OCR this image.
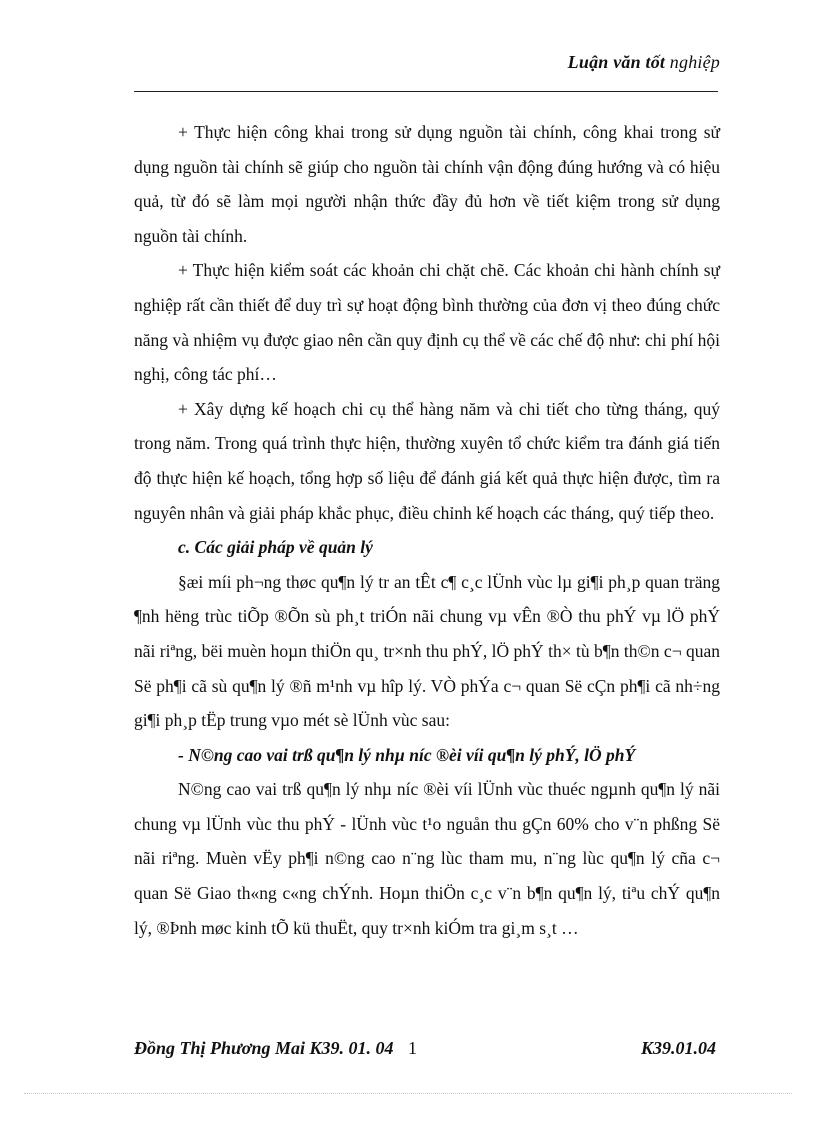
Luận văn tốt nghiệp

+ Thực hiện công khai trong sử dụng nguồn tài chính, công khai trong sử dụng nguồn tài chính sẽ giúp cho nguồn tài chính vận động đúng hướng và có hiệu quả, từ đó sẽ làm mọi người nhận thức đầy đủ hơn về tiết kiệm trong sử dụng nguồn tài chính.

+ Thực hiện kiểm soát các khoản chi chặt chẽ. Các khoản chi hành chính sự nghiệp rất cần thiết để duy trì sự hoạt động bình thường của đơn vị theo đúng chức năng và nhiệm vụ được giao nên cần quy định cụ thể về các chế độ như: chi phí hội nghị, công tác phí…

+ Xây dựng kế hoạch chi cụ thể hàng năm và chi tiết cho từng tháng, quý trong năm. Trong quá trình thực hiện, thường xuyên tổ chức kiểm tra đánh giá tiến độ thực hiện kế hoạch, tổng hợp số liệu để đánh giá kết quả thực hiện được, tìm ra nguyên nhân và giải pháp khắc phục, điều chỉnh kế hoạch các tháng, quý tiếp theo.

c. Các giải pháp về quản lý

§æi míi ph¬ng thøc qu¶n lý tr an tÊt c¶ c¸c lÜnh vùc lµ gi¶i ph¸p quan träng ¶nh hëng trùc tiÕp ®Õn sù ph¸t triÓn nãi chung vµ vÊn ®Ò thu phÝ vµ lÖ phÝ nãi riªng, bëi muèn hoµn thiÖn qu¸ tr×nh thu phÝ, lÖ phÝ th× tù b¶n th©n c¬ quan Së ph¶i cã sù qu¶n lý ®ñ m¹nh vµ hîp lý. VÒ phÝa c¬ quan Së cÇn ph¶i cã nh÷ng gi¶i ph¸p tËp trung vµo mét sè lÜnh vùc sau:

- N©ng cao vai trß qu¶n lý nhµ níc ®èi víi qu¶n lý phÝ, lÖ phÝ

N©ng cao vai trß qu¶n lý nhµ níc ®èi víi lÜnh vùc thuéc ngµnh qu¶n lý nãi chung vµ lÜnh vùc thu phÝ - lÜnh vùc t¹o nguån thu gÇn 60% cho v¨n phßng Së nãi riªng. Muèn vËy ph¶i n©ng cao n¨ng lùc tham mu, n¨ng lùc qu¶n lý cña c¬ quan Së Giao th«ng c«ng chÝnh. Hoµn thiÖn c¸c v¨n b¶n qu¶n lý, tiªu chÝ qu¶n lý, ®Þnh møc kinh tÕ kü thuËt, quy tr×nh kiÓm tra gi¸m s¸t …

Đồng Thị Phương Mai K39. 01. 04 1	K39.01.04
